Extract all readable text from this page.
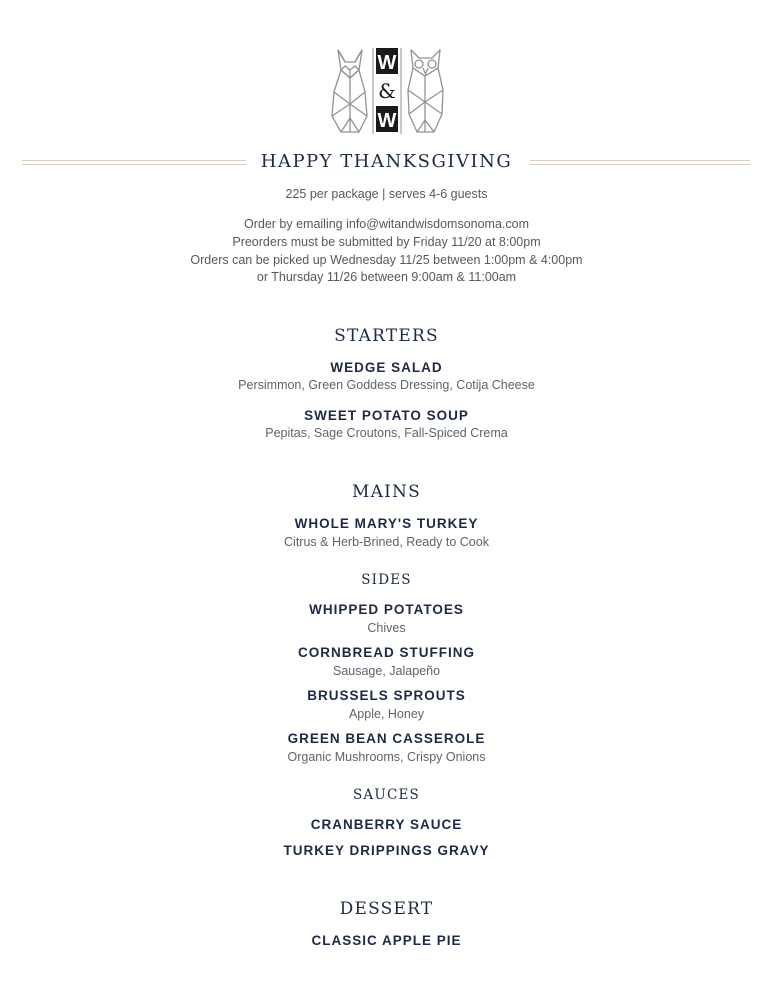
W
&
W
HAPPY THANKSGIVING
225 per package | serves 4-6 guests
Order by emailing info@witandwisdomsonoma.com
Preorders must be submitted by Friday 11/20 at 8:00pm
Orders can be picked up Wednesday 11/25 between 1:00pm & 4:00pm
or Thursday 11/26 between 9:00am & 11:00am
STARTERS
WEDGE SALAD
Persimmon, Green Goddess Dressing, Cotija Cheese
SWEET POTATO SOUP
Pepitas, Sage Croutons, Fall-Spiced Crema
MAINS
WHOLE MARY'S TURKEY
Citrus & Herb-Brined, Ready to Cook
SIDES
WHIPPED POTATOES
Chives
CORNBREAD STUFFING
Sausage, Jalapeño
BRUSSELS SPROUTS
Apple, Honey
GREEN BEAN CASSEROLE
Organic Mushrooms, Crispy Onions
SAUCES
CRANBERRY SAUCE
TURKEY DRIPPINGS GRAVY
DESSERT
CLASSIC APPLE PIE
